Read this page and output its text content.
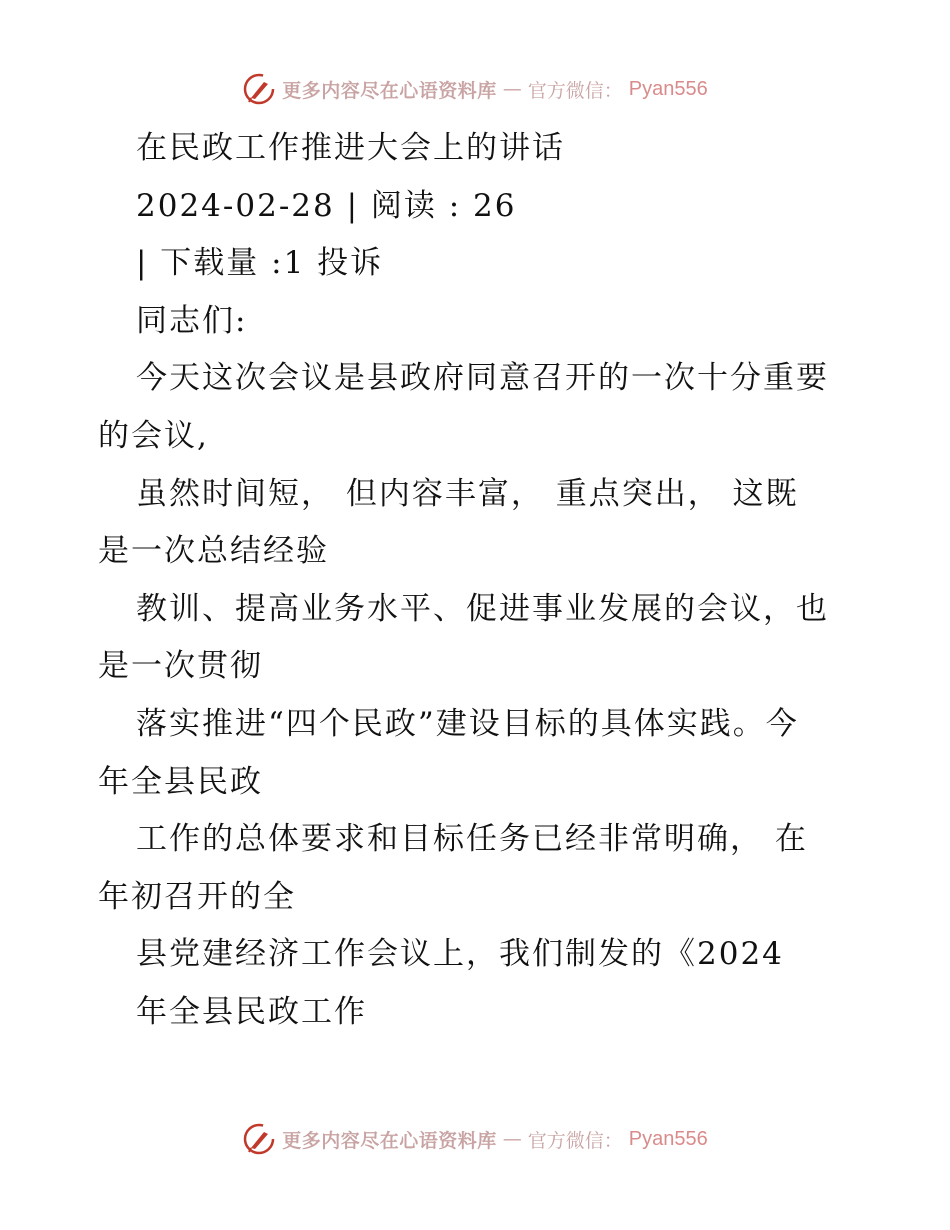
更多内容尽在心语资料库 — 官方微信： Pyan556
在民政工作推进大会上的讲话
2024-02-28 | 阅读 : 26
| 下载量 :1 投诉
同志们:
今天这次会议是县政府同意召开的一次十分重要
的会议,
虽然时间短， 但内容丰富， 重点突出， 这既
是一次总结经验
教训、提高业务水平、促进事业发展的会议，也
是一次贯彻
落实推进“四个民政”建设目标的具体实践。今
年全县民政
工作的总体要求和目标任务已经非常明确， 在
年初召开的全
县党建经济工作会议上，我们制发的《2024
年全县民政工作
更多内容尽在心语资料库 — 官方微信： Pyan556
